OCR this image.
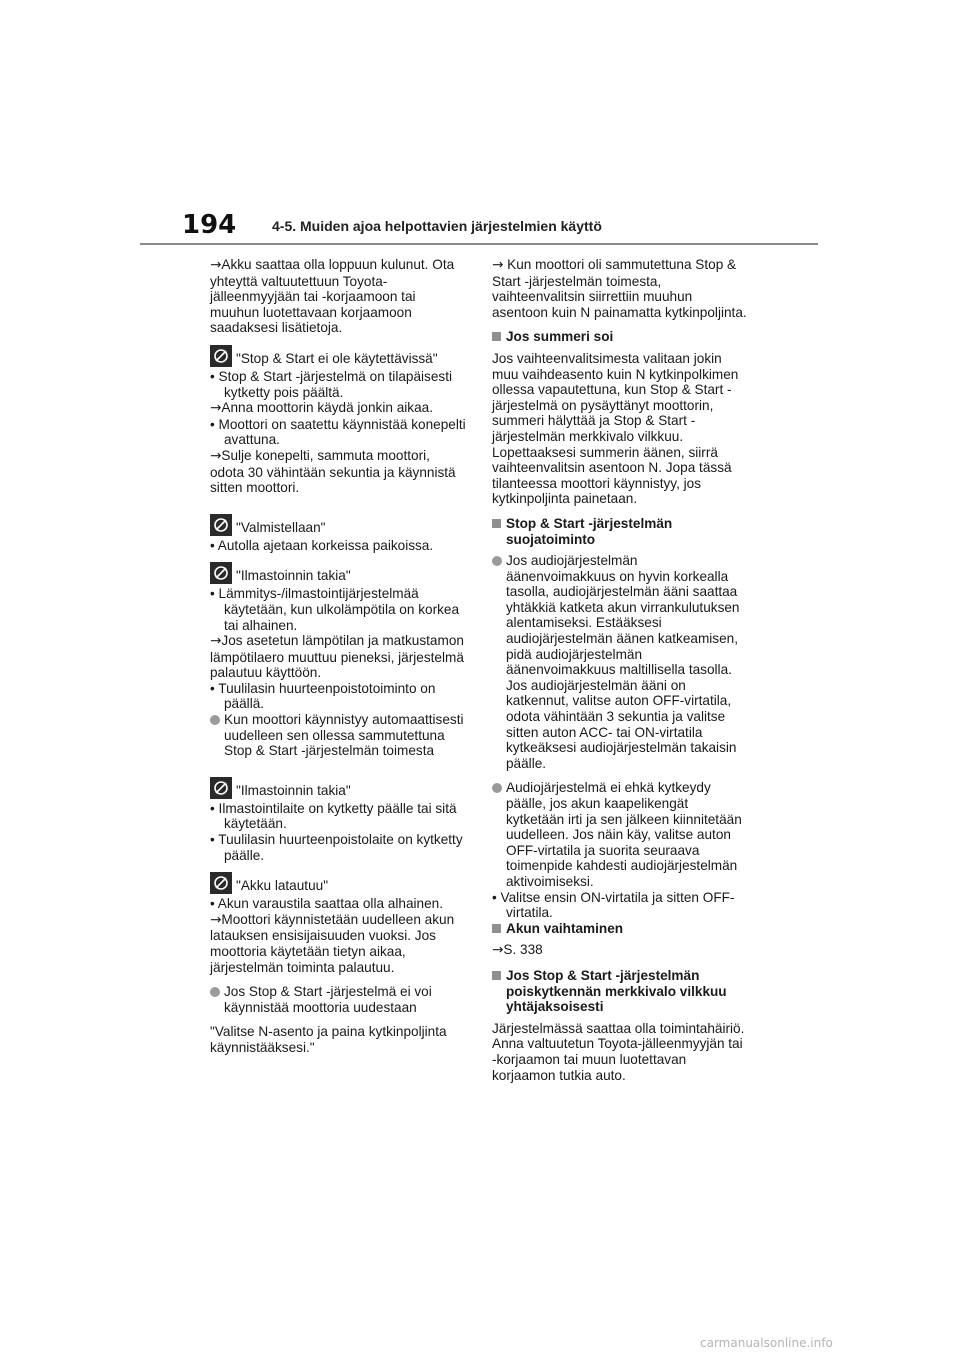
194	4-5. Muiden ajoa helpottavien järjestelmien käyttö

→Akku saattaa olla loppuun kulunut. Ota yhteyttä valtuutettuun Toyota-jälleenmyyjään tai -korjaamoon tai muuhun luotettavaan korjaamoon saadaksesi lisätietoja.

"Stop & Start ei ole käytettävissä"

• Stop & Start -järjestelmä on tilapäisesti kytketty pois päältä.

→Anna moottorin käydä jonkin aikaa.

• Moottori on saatettu käynnistää konepelti avattuna.

→Sulje konepelti, sammuta moottori, odota 30 vähintään sekuntia ja käynnistä sitten moottori.

"Valmistellaan"

• Autolla ajetaan korkeissa paikoissa.

"Ilmastoinnin takia"

• Lämmitys-/ilmastointijärjestelmää käytetään, kun ulkolämpötila on korkea tai alhainen.

→Jos asetetun lämpötilan ja matkustamon lämpötilaero muuttuu pieneksi, järjestelmä palautuu käyttöön.

• Tuulilasin huurteenpoistotoiminto on päällä.

Kun moottori käynnistyy automaattisesti uudelleen sen ollessa sammutettuna Stop & Start -järjestelmän toimesta
"Ilmastoinnin takia"

• Ilmastointilaite on kytketty päälle tai sitä käytetään.

• Tuulilasin huurteenpoistolaite on kytketty päälle.

"Akku latautuu"

• Akun varaustila saattaa olla alhainen.

→Moottori käynnistetään uudelleen akun latauksen ensisijaisuuden vuoksi. Jos moottoria käytetään tietyn aikaa, järjestelmän toiminta palautuu.

Jos Stop & Start -järjestelmä ei voi käynnistää moottoria uudestaan

"Valitse N-asento ja paina kytkinpoljinta käynnistääksesi."

→ Kun moottori oli sammutettuna Stop & Start -järjestelmän toimesta, vaihteenvalitsin siirrettiin muuhun asentoon kuin N painamatta kytkinpoljinta.

Jos summeri soi

Jos vaihteenvalitsimesta valitaan jokin muu vaihdeasento kuin N kytkinpolkimen ollessa vapautettuna, kun Stop & Start -järjestelmä on pysäyttänyt moottorin, summeri hälyttää ja Stop & Start -järjestelmän merkkivalo vilkkuu. Lopettaaksesi summerin äänen, siirrä vaihteenvalitsin asentoon N. Jopa tässä tilanteessa moottori käynnistyy, jos kytkinpoljinta painetaan.

Stop & Start -järjestelmän suojatoiminto
Jos audiojärjestelmän äänenvoimakkuus on hyvin korkealla tasolla, audiojärjestelmän ääni saattaa yhtäkkiä katketa akun virrankulutuksen alentamiseksi. Estääksesi audiojärjestelmän äänen katkeamisen, pidä audiojärjestelmän äänenvoimakkuus maltillisella tasolla. Jos audiojärjestelmän ääni on katkennut, valitse auton OFF-virtatila, odota vähintään 3 sekuntia ja valitse sitten auton ACC- tai ON-virtatila kytkeäksesi audiojärjestelmän takaisin päälle.
Audiojärjestelmä ei ehkä kytkeydy päälle, jos akun kaapelikengät kytketään irti ja sen jälkeen kiinnitetään uudelleen. Jos näin käy, valitse auton OFF-virtatila ja suorita seuraava toimenpide kahdesti audiojärjestelmän aktivoimiseksi.

• Valitse ensin ON-virtatila ja sitten OFF-virtatila.

Akun vaihtaminen

→S. 338

Jos Stop & Start -järjestelmän poiskytkennän merkkivalo vilkkuu yhtäjaksoisesti

Järjestelmässä saattaa olla toimintahäiriö. Anna valtuutetun Toyota-jälleenmyyjän tai -korjaamon tai muun luotettavan korjaamon tutkia auto.

carmanualsonline.info
